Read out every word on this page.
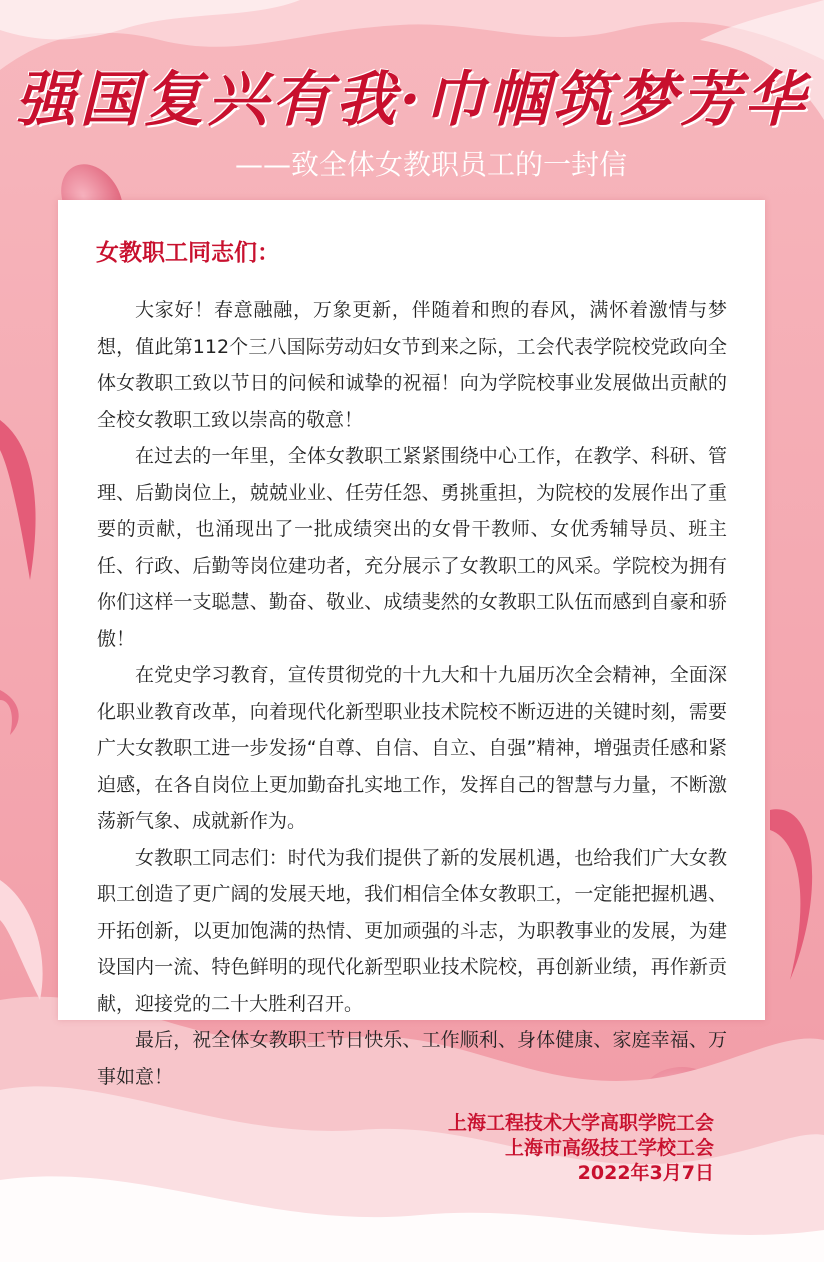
强国复兴有我·巾帼筑梦芳华
——致全体女教职员工的一封信
女教职工同志们：

大家好！春意融融，万象更新，伴随着和煦的春风，满怀着激情与梦想，值此第112个三八国际劳动妇女节到来之际，工会代表学院校党政向全体女教职工致以节日的问候和诚挚的祝福！向为学院校事业发展做出贡献的全校女教职工致以崇高的敬意！

在过去的一年里，全体女教职工紧紧围绕中心工作，在教学、科研、管理、后勤岗位上，兢兢业业、任劳任怨、勇挑重担，为院校的发展作出了重要的贡献，也涌现出了一批成绩突出的女骨干教师、女优秀辅导员、班主任、行政、后勤等岗位建功者，充分展示了女教职工的风采。学院校为拥有你们这样一支聪慧、勤奋、敬业、成绩斐然的女教职工队伍而感到自豪和骄傲！

在党史学习教育，宣传贯彻党的十九大和十九届历次全会精神，全面深化职业教育改革，向着现代化新型职业技术院校不断迈进的关键时刻，需要广大女教职工进一步发扬“自尊、自信、自立、自强”精神，增强责任感和紧迫感，在各自岗位上更加勤奋扎实地工作，发挥自己的智慧与力量，不断激荡新气象、成就新作为。

女教职工同志们：时代为我们提供了新的发展机遇，也给我们广大女教职工创造了更广阔的发展天地，我们相信全体女教职工，一定能把握机遇、开拓创新，以更加饱满的热情、更加顽强的斗志，为职教事业的发展，为建设国内一流、特色鲜明的现代化新型职业技术院校，再创新业绩，再作新贡献，迎接党的二十大胜利召开。

最后，祝全体女教职工节日快乐、工作顺利、身体健康、家庭幸福、万事如意！

上海工程技术大学高职学院工会
上海市高级技工学校工会
2022年3月7日
